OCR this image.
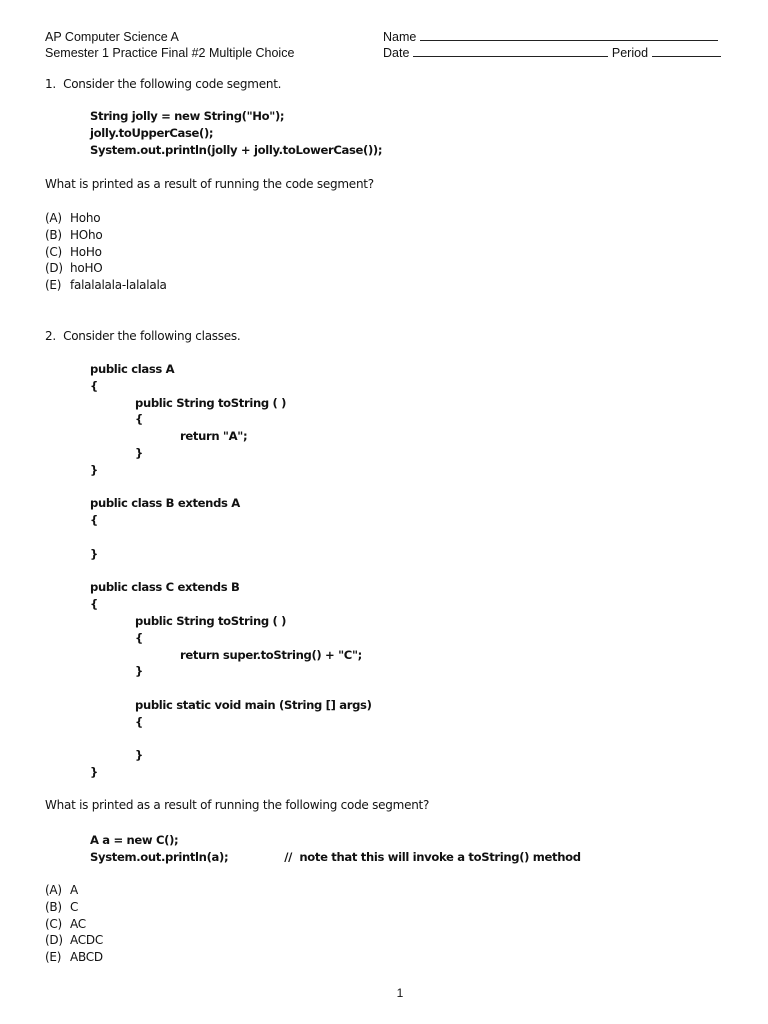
AP Computer Science A
Semester 1 Practice Final #2 Multiple Choice
Name
Date	Period
1.  Consider the following code segment.
String jolly = new String("Ho");
jolly.toUpperCase();
System.out.println(jolly + jolly.toLowerCase());
What is printed as a result of running the code segment?
(A) Hoho
(B) HOho
(C) HoHo
(D) hoHO
(E) falalalala-lalalala
2.  Consider the following classes.
public class A
{
public String toString ( )
{
return "A";
}
}

public class B extends A
{

}

public class C extends B
{
public String toString ( )
{
return super.toString() + "C";
}

public static void main (String [] args)
{

}
}
What is printed as a result of running the following code segment?
A a = new C();
System.out.println(a);	//  note that this will invoke a toString() method
(A) A
(B) C
(C) AC
(D) ACDC
(E) ABCD
1
